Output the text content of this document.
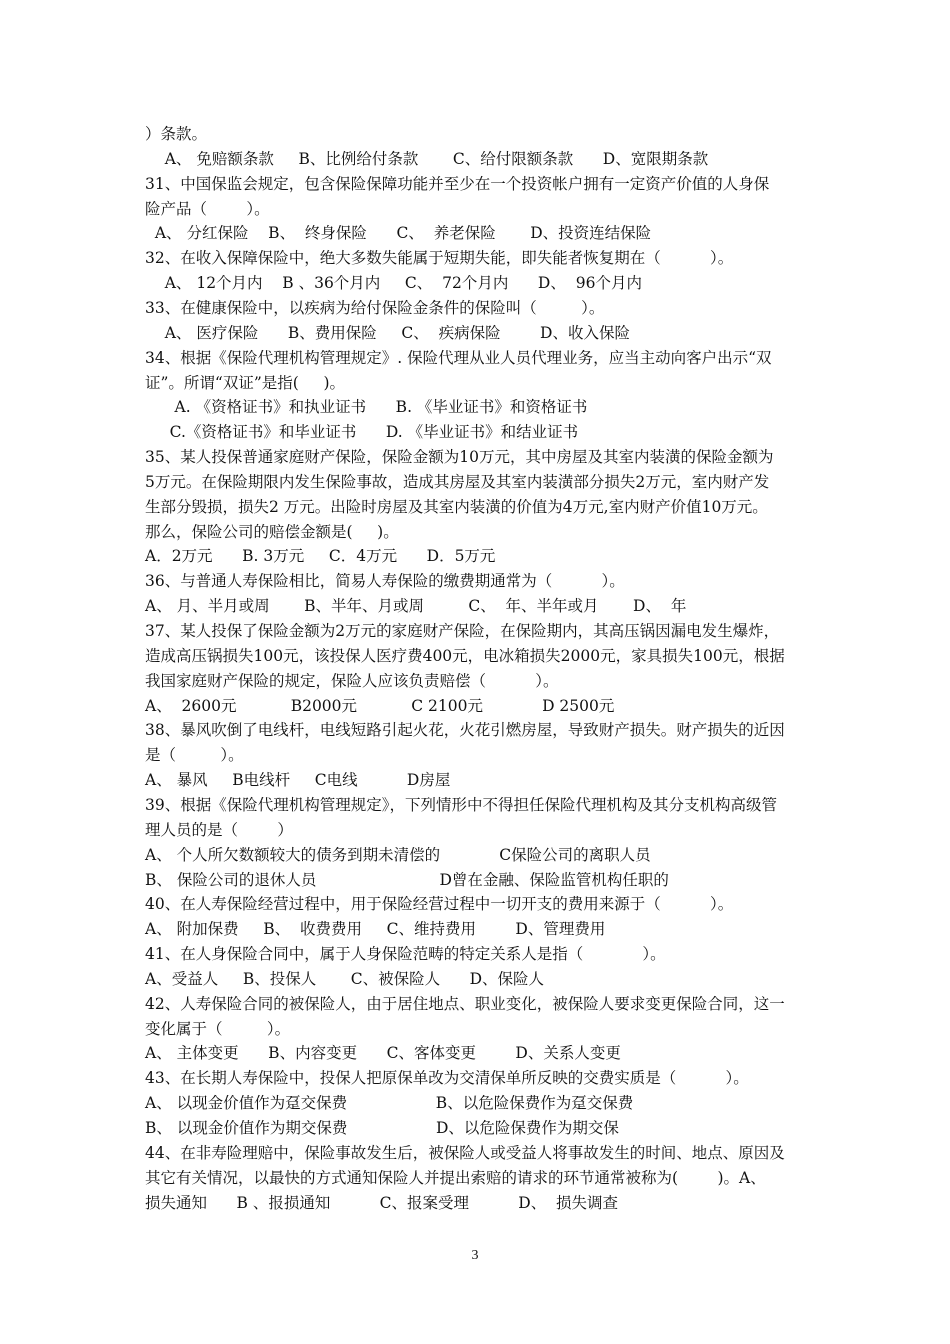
）条款。
A、 免赔额条款     B、比例给付条款       C、给付限额条款      D、宽限期条款
31、中国保监会规定，包含保险保障功能并至少在一个投资帐户拥有一定资产价值的人身保
险产品（        ）。
A、 分红保险    B、  终身保险      C、  养老保险       D、投资连结保险
32、在收入保障保险中，绝大多数失能属于短期失能，即失能者恢复期在（          ）。
A、 12个月内    B 、36个月内     C、  72个月内      D、  96个月内
33、在健康保险中，以疾病为给付保险金条件的保险叫（         ）。
A、 医疗保险      B、费用保险     C、  疾病保险        D、收入保险
34、根据《保险代理机构管理规定》. 保险代理从业人员代理业务，应当主动向客户出示“双
证”。所谓“双证”是指(     )。
A. 《资格证书》和执业证书      B. 《毕业证书》和资格证书
C.《资格证书》和毕业证书      D. 《毕业证书》和结业证书
35、某人投保普通家庭财产保险，保险金额为10万元，其中房屋及其室内装潢的保险金额为
5万元。在保险期限内发生保险事故，造成其房屋及其室内装潢部分损失2万元，室内财产发
生部分毁损，损失2 万元。出险时房屋及其室内装潢的价值为4万元,室内财产价值10万元。
那么，保险公司的赔偿金额是(     )。
A．2万元      B. 3万元     C．4万元      D．5万元
36、与普通人寿保险相比，简易人寿保险的缴费期通常为（          ）。
A、 月、半月或周       B、半年、月或周         C、  年、半年或月       D、  年
37、某人投保了保险金额为2万元的家庭财产保险，在保险期内，其高压锅因漏电发生爆炸，
造成高压锅损失100元，该投保人医疗费400元，电冰箱损失2000元，家具损失100元，根据
我国家庭财产保险的规定，保险人应该负责赔偿（          ）。
A、  2600元           B2000元           C 2100元            D 2500元
38、暴风吹倒了电线杆，电线短路引起火花，火花引燃房屋，导致财产损失。财产损失的近因
是（         ）。
A、 暴风     B电线杆     C电线          D房屋
39、根据《保险代理机构管理规定》，下列情形中不得担任保险代理机构及其分支机构高级管
理人员的是（        ）
A、 个人所欠数额较大的债务到期未清偿的            C保险公司的离职人员
B、 保险公司的退休人员                         D曾在金融、保险监管机构任职的
40、在人寿保险经营过程中，用于保险经营过程中一切开支的费用来源于（          ）。
A、 附加保费     B、  收费费用     C、维持费用        D、管理费用
41、在人身保险合同中，属于人身保险范畴的特定关系人是指（            ）。
A、受益人     B、投保人       C、被保险人      D、保险人
42、人寿保险合同的被保险人，由于居住地点、职业变化，被保险人要求变更保险合同，这一
变化属于（         ）。
A、 主体变更      B、内容变更      C、客体变更        D、关系人变更
43、在长期人寿保险中，投保人把原保单改为交清保单所反映的交费实质是（          ）。
A、 以现金价值作为趸交保费                  B、以危险保费作为趸交保费
B、 以现金价值作为期交保费                  D、以危险保费作为期交保
44、在非寿险理赔中，保险事故发生后，被保险人或受益人将事故发生的时间、地点、原因及
其它有关情况，以最快的方式通知保险人并提出索赔的请求的环节通常被称为(        )。A、
损失通知      B 、报损通知          C、报案受理          D、  损失调查
3
